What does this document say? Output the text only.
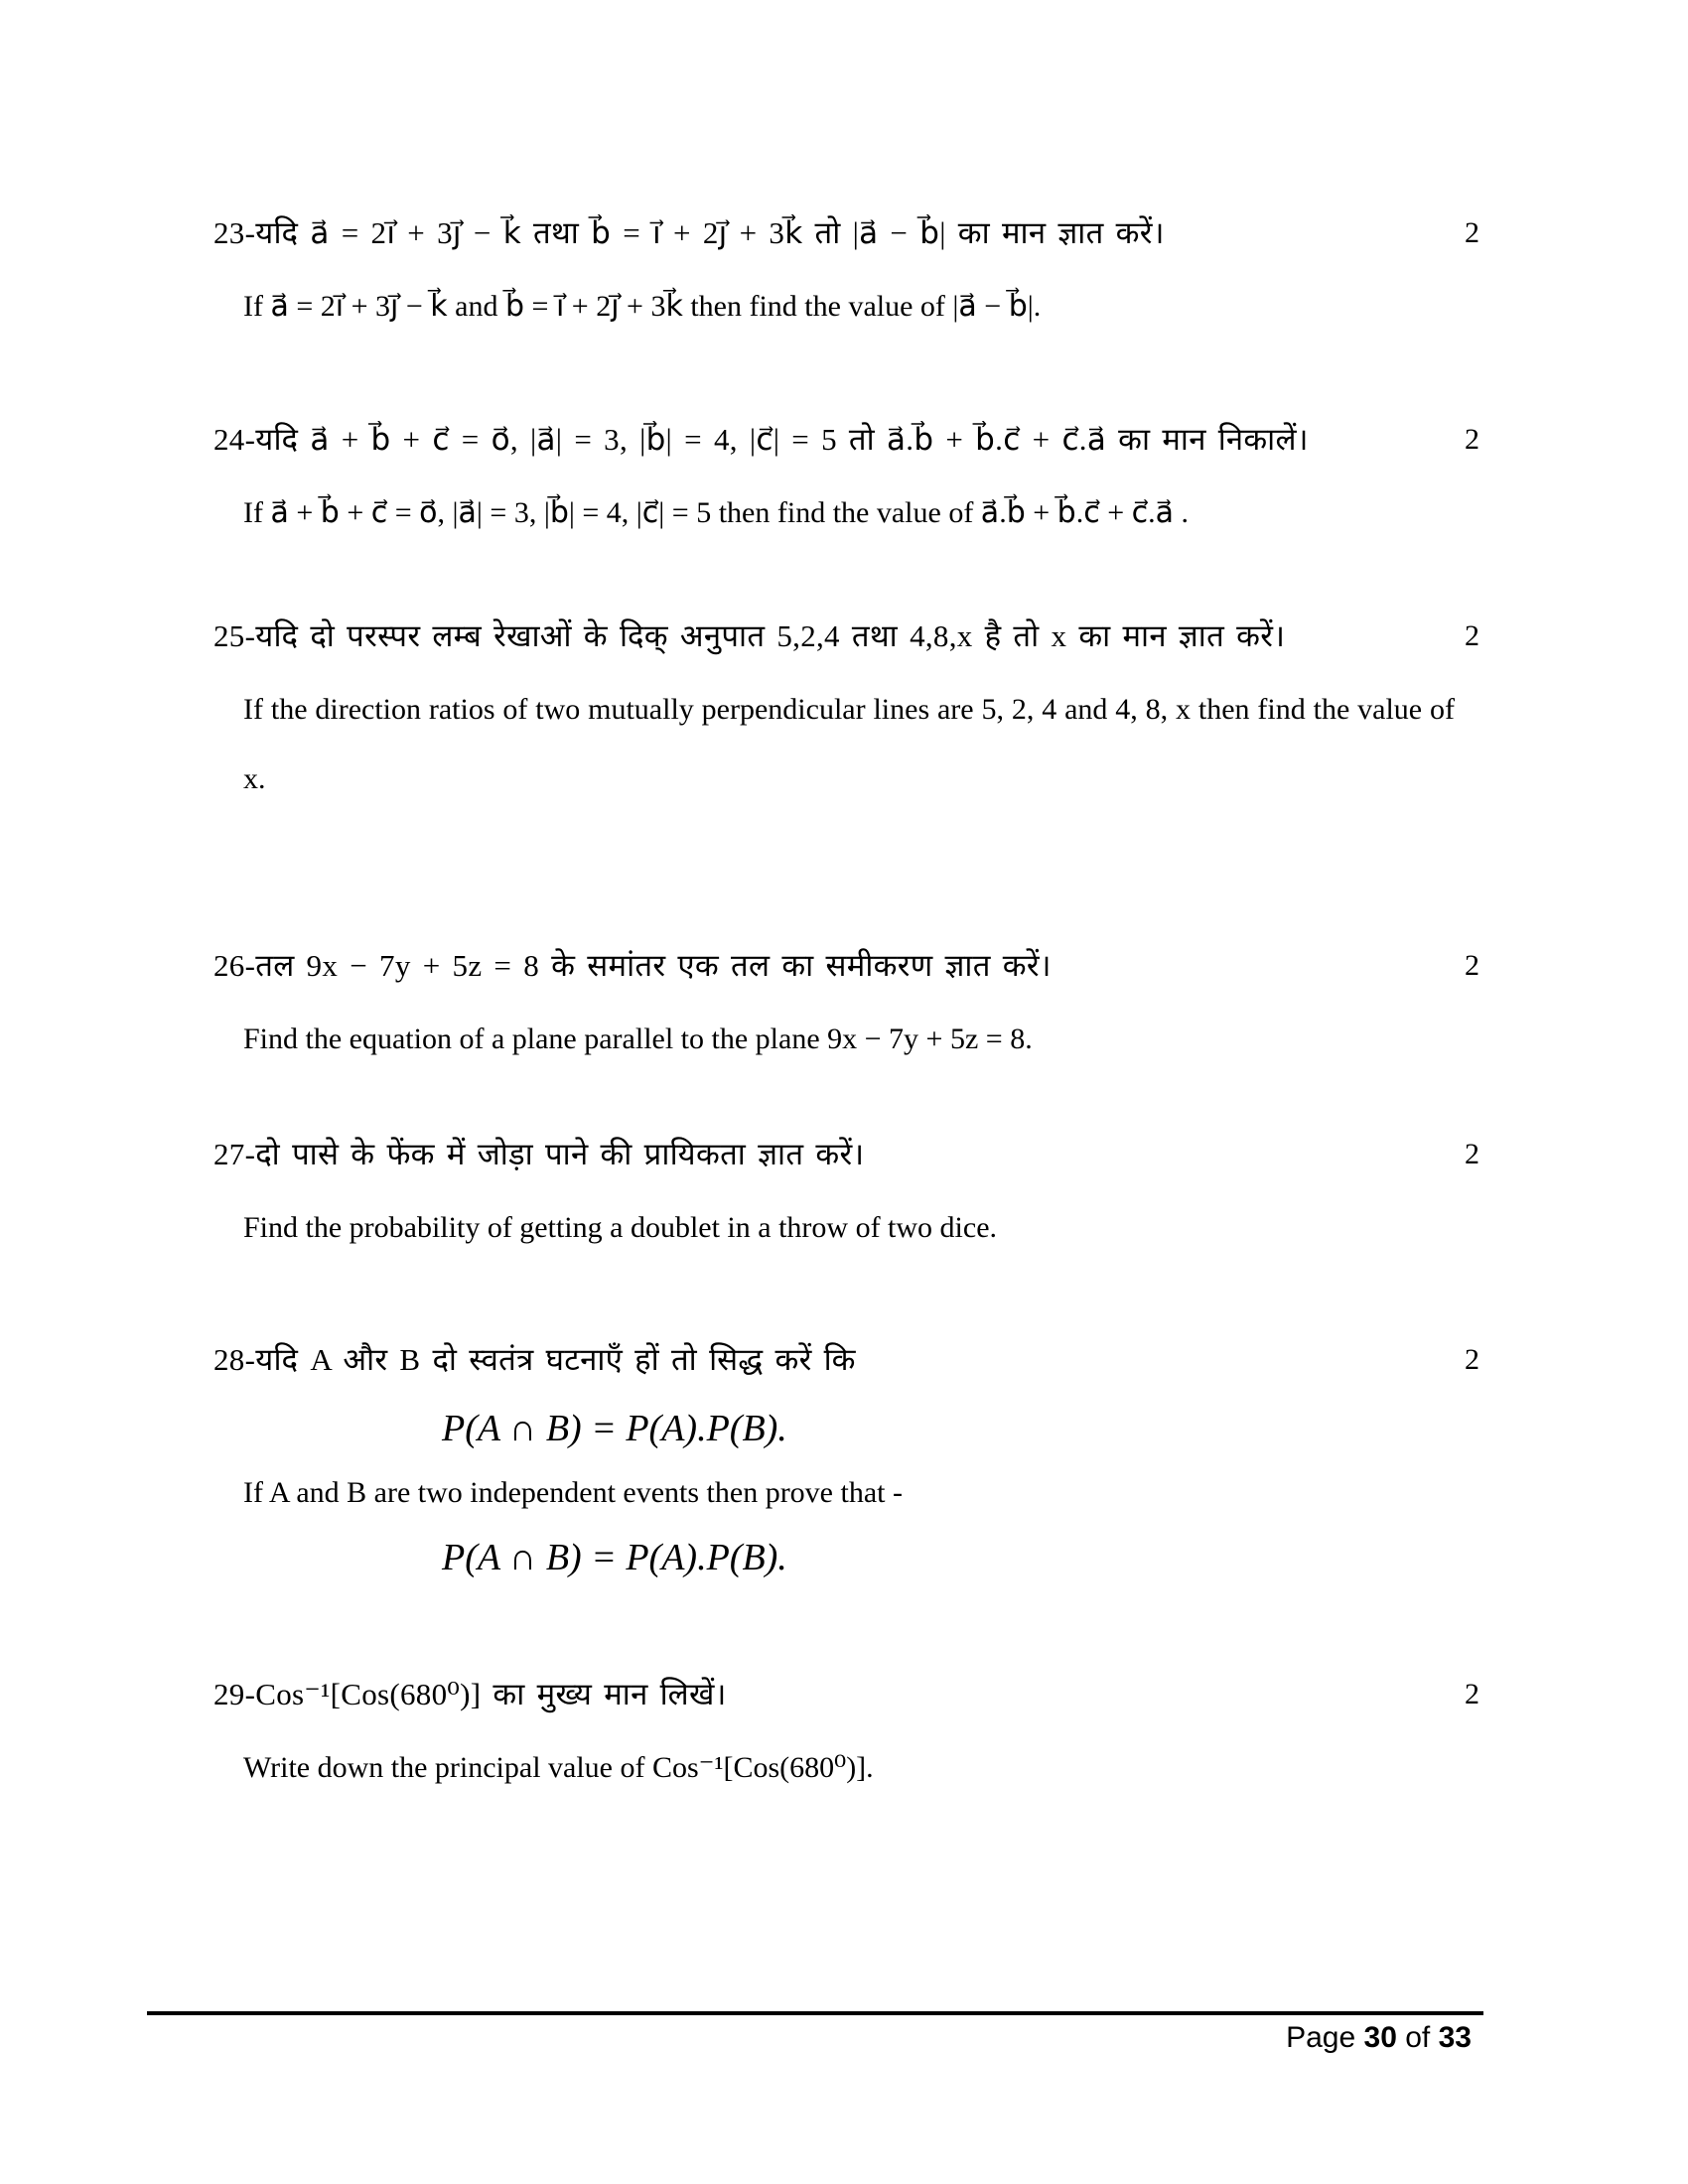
23-यदि a⃗ = 2i⃗ + 3j⃗ − k⃗ तथा b⃗ = i⃗ + 2j⃗ + 3k⃗ तो |a⃗ − b⃗| का मान ज्ञात करें।	2

If a⃗ = 2i⃗ + 3j⃗ − k⃗ and b⃗ = i⃗ + 2j⃗ + 3k⃗ then find the value of |a⃗ − b⃗|.

24-यदि a⃗ + b⃗ + c⃗ = o⃗, |a⃗| = 3, |b⃗| = 4, |c⃗| = 5 तो a⃗.b⃗ + b⃗.c⃗ + c⃗.a⃗ का मान निकालें।	2

If a⃗ + b⃗ + c⃗ = o⃗, |a⃗| = 3, |b⃗| = 4, |c⃗| = 5 then find the value of a⃗.b⃗ + b⃗.c⃗ + c⃗.a⃗ .

25-यदि दो परस्पर लम्ब रेखाओं के दिक् अनुपात 5,2,4 तथा 4,8,x है तो x का मान ज्ञात करें।	2

If the direction ratios of two mutually perpendicular lines are 5, 2, 4 and 4, 8, x then find the value of x.

26-तल 9x − 7y + 5z = 8 के समांतर एक तल का समीकरण ज्ञात करें।	2

Find the equation of a plane parallel to the plane 9x − 7y + 5z = 8.

27-दो पासे के फेंक में जोड़ा पाने की प्रायिकता ज्ञात करें।	2

Find the probability of getting a doublet in a throw of two dice.

28-यदि A और B दो स्वतंत्र घटनाएँ हों तो सिद्ध करें कि	2

P(A ∩ B) = P(A).P(B).

If A and B are two independent events then prove that -

P(A ∩ B) = P(A).P(B).

29-Cos⁻¹[Cos(680⁰)] का मुख्य मान लिखें।	2

Write down the principal value of Cos⁻¹[Cos(680⁰)].

Page 30 of 33
